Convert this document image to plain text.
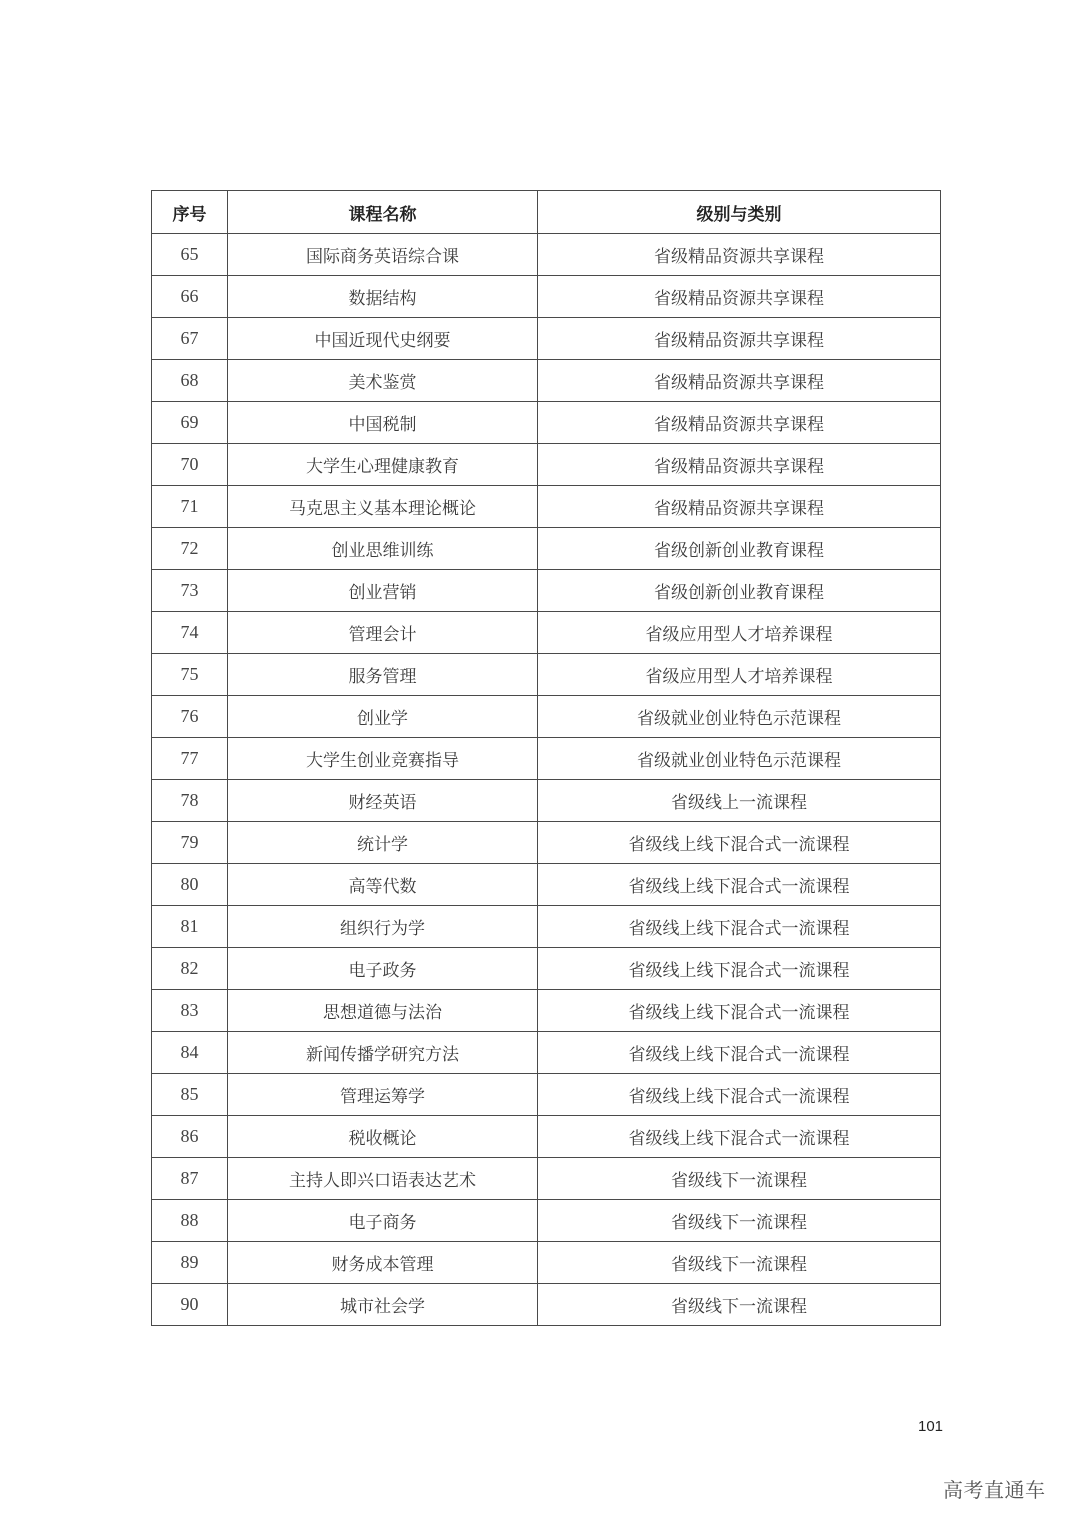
序号	课程名称	级别与类别
65	国际商务英语综合课	省级精品资源共享课程
66	数据结构	省级精品资源共享课程
67	中国近现代史纲要	省级精品资源共享课程
68	美术鉴赏	省级精品资源共享课程
69	中国税制	省级精品资源共享课程
70	大学生心理健康教育	省级精品资源共享课程
71	马克思主义基本理论概论	省级精品资源共享课程
72	创业思维训练	省级创新创业教育课程
73	创业营销	省级创新创业教育课程
74	管理会计	省级应用型人才培养课程
75	服务管理	省级应用型人才培养课程
76	创业学	省级就业创业特色示范课程
77	大学生创业竞赛指导	省级就业创业特色示范课程
78	财经英语	省级线上一流课程
79	统计学	省级线上线下混合式一流课程
80	高等代数	省级线上线下混合式一流课程
81	组织行为学	省级线上线下混合式一流课程
82	电子政务	省级线上线下混合式一流课程
83	思想道德与法治	省级线上线下混合式一流课程
84	新闻传播学研究方法	省级线上线下混合式一流课程
85	管理运筹学	省级线上线下混合式一流课程
86	税收概论	省级线上线下混合式一流课程
87	主持人即兴口语表达艺术	省级线下一流课程
88	电子商务	省级线下一流课程
89	财务成本管理	省级线下一流课程
90	城市社会学	省级线下一流课程
101
高考直通车
